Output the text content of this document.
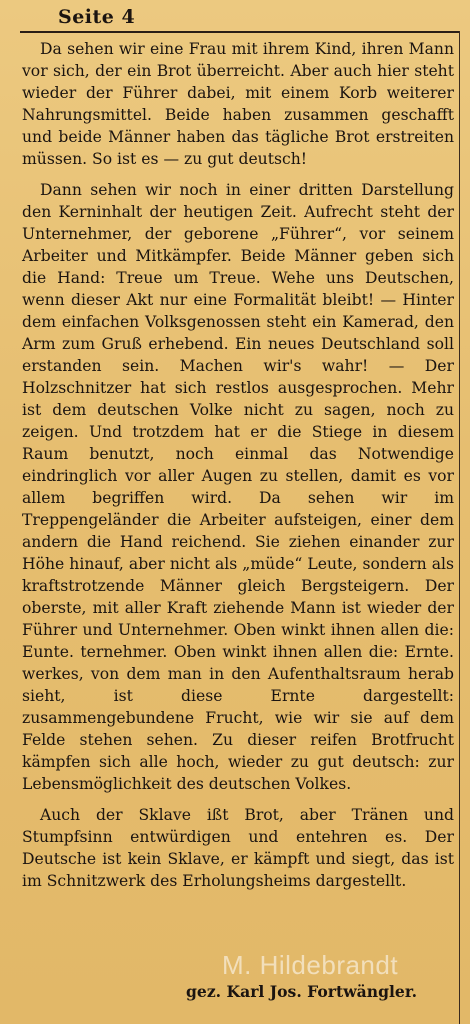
Seite 4

Da sehen wir eine Frau mit ihrem Kind, ihren Mann vor sich, der ein Brot überreicht. Aber auch hier steht wieder der Führer dabei, mit einem Korb weiterer Nahrungsmittel. Beide haben zusammen geschafft und beide Männer haben das tägliche Brot erstreiten müssen. So ist es — zu gut deutsch!

Dann sehen wir noch in einer dritten Darstellung den Kerninhalt der heutigen Zeit. Aufrecht steht der Unternehmer, der geborene „Führer“, vor seinem Arbeiter und Mitkämpfer. Beide Männer geben sich die Hand: Treue um Treue. Wehe uns Deutschen, wenn dieser Akt nur eine Formalität bleibt! — Hinter dem einfachen Volksgenossen steht ein Kamerad, den Arm zum Gruß erhebend. Ein neues Deutschland soll erstanden sein. Machen wir's wahr! — Der Holzschnitzer hat sich restlos ausgesprochen. Mehr ist dem deutschen Volke nicht zu sagen, noch zu zeigen. Und trotzdem hat er die Stiege in diesem Raum benutzt, noch einmal das Notwendige eindringlich vor aller Augen zu stellen, damit es vor allem begriffen wird. Da sehen wir im Treppengeländer die Arbeiter aufsteigen, einer dem andern die Hand reichend. Sie ziehen einander zur Höhe hinauf, aber nicht als „müde“ Leute, sondern als kraftstrotzende Männer gleich Bergsteigern. Der oberste, mit aller Kraft ziehende Mann ist wieder der Führer und Unternehmer. Oben winkt ihnen allen die: Eunte. ternehmer. Oben winkt ihnen allen die: Ernte. werkes, von dem man in den Aufenthaltsraum herab sieht, ist diese Ernte dargestellt: zusammengebundene Frucht, wie wir sie auf dem Felde stehen sehen. Zu dieser reifen Brotfrucht kämpfen sich alle hoch, wieder zu gut deutsch: zur Lebensmöglichkeit des deutschen Volkes.

Auch der Sklave ißt Brot, aber Tränen und Stumpfsinn entwürdigen und entehren es. Der Deutsche ist kein Sklave, er kämpft und siegt, das ist im Schnitzwerk des Erholungsheims dargestellt.

M. Hildebrandt
gez. Karl Jos. Fortwängler.
